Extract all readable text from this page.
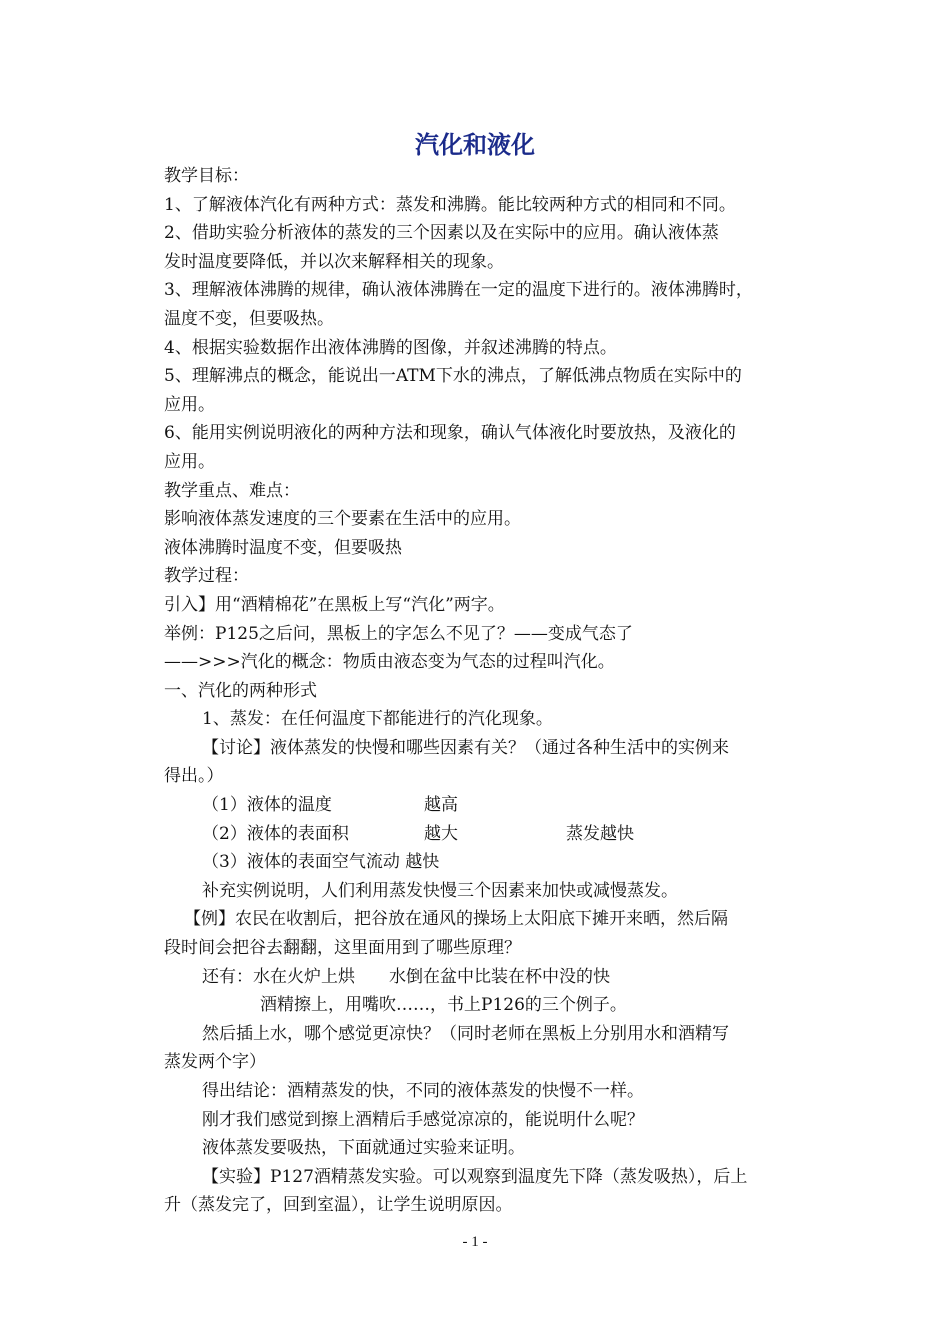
汽化和液化
教学目标：
1、了解液体汽化有两种方式：蒸发和沸腾。能比较两种方式的相同和不同。
2、借助实验分析液体的蒸发的三个因素以及在实际中的应用。确认液体蒸
发时温度要降低，并以次来解释相关的现象。
3、理解液体沸腾的规律，确认液体沸腾在一定的温度下进行的。液体沸腾时，
温度不变，但要吸热。
4、根据实验数据作出液体沸腾的图像，并叙述沸腾的特点。
5、理解沸点的概念，能说出一ATM下水的沸点，了解低沸点物质在实际中的
应用。
6、能用实例说明液化的两种方法和现象，确认气体液化时要放热，及液化的
应用。
教学重点、难点：
影响液体蒸发速度的三个要素在生活中的应用。
液体沸腾时温度不变，但要吸热
教学过程：
引入】用“酒精棉花”在黑板上写“汽化”两字。
举例：P125之后问，黑板上的字怎么不见了？——变成气态了
——>>>汽化的概念：物质由液态变为气态的过程叫汽化。
一、汽化的两种形式
1、蒸发：在任何温度下都能进行的汽化现象。
【讨论】液体蒸发的快慢和哪些因素有关？（通过各种生活中的实例来
得出。）
（1）液体的温度	越高
（2）液体的表面积	越大	蒸发越快
（3）液体的表面空气流动 越快
补充实例说明，人们利用蒸发快慢三个因素来加快或减慢蒸发。
【例】农民在收割后，把谷放在通风的操场上太阳底下摊开来晒，然后隔
段时间会把谷去翻翻，这里面用到了哪些原理？
还有：水在火炉上烘　　水倒在盆中比装在杯中没的快
酒精擦上，用嘴吹……，书上P126的三个例子。
然后插上水，哪个感觉更凉快？（同时老师在黑板上分别用水和酒精写
蒸发两个字）
得出结论：酒精蒸发的快，不同的液体蒸发的快慢不一样。
刚才我们感觉到擦上酒精后手感觉凉凉的，能说明什么呢？
液体蒸发要吸热，下面就通过实验来证明。
【实验】P127酒精蒸发实验。可以观察到温度先下降（蒸发吸热），后上
升（蒸发完了，回到室温），让学生说明原因。
- 1 -
